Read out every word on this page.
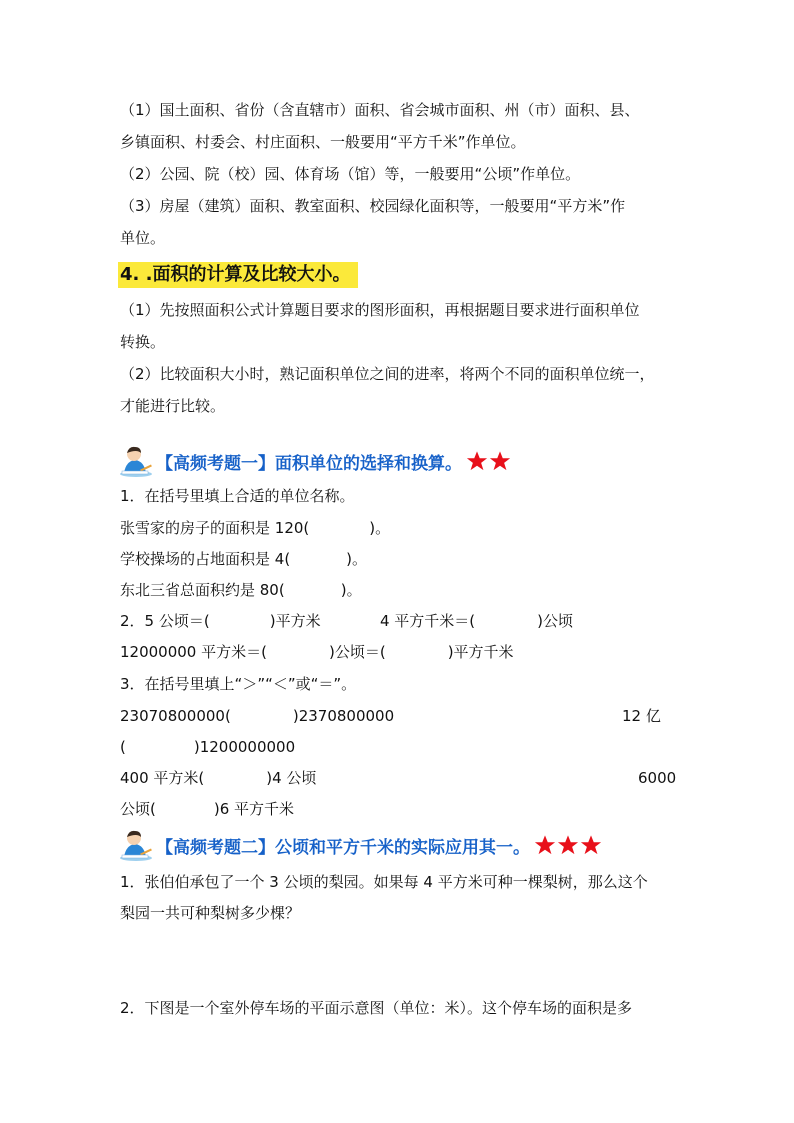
（1）国土面积、省份（含直辖市）面积、省会城市面积、州（市）面积、县、
乡镇面积、村委会、村庄面积、一般要用“平方千米”作单位。
（2）公园、院（校）园、体育场（馆）等，一般要用“公顷”作单位。
（3）房屋（建筑）面积、教室面积、校园绿化面积等，一般要用“平方米”作
单位。
4. .面积的计算及比较大小。
（1）先按照面积公式计算题目要求的图形面积，再根据题目要求进行面积单位
转换。
（2）比较面积大小时，熟记面积单位之间的进率，将两个不同的面积单位统一，
才能进行比较。
【高频考题一】面积单位的选择和换算。
1．在括号里填上合适的单位名称。
张雪家的房子的面积是 120(	)。
学校操场的占地面积是 4(	)。
东北三省总面积约是 80(	)。
2．5 公顷＝(	)平方米	4 平方千米＝(	)公顷
12000000 平方米＝(	)公顷＝(	)平方千米
3．在括号里填上“＞”“＜”或“＝”。
23070800000(	)2370800000	12 亿
(	)1200000000
400 平方米(	)4 公顷	6000
公顷(	)6 平方千米
【高频考题二】公顷和平方千米的实际应用其一。
1．张伯伯承包了一个 3 公顷的梨园。如果每 4 平方米可种一棵梨树，那么这个
梨园一共可种梨树多少棵？
2．下图是一个室外停车场的平面示意图（单位：米）。这个停车场的面积是多
